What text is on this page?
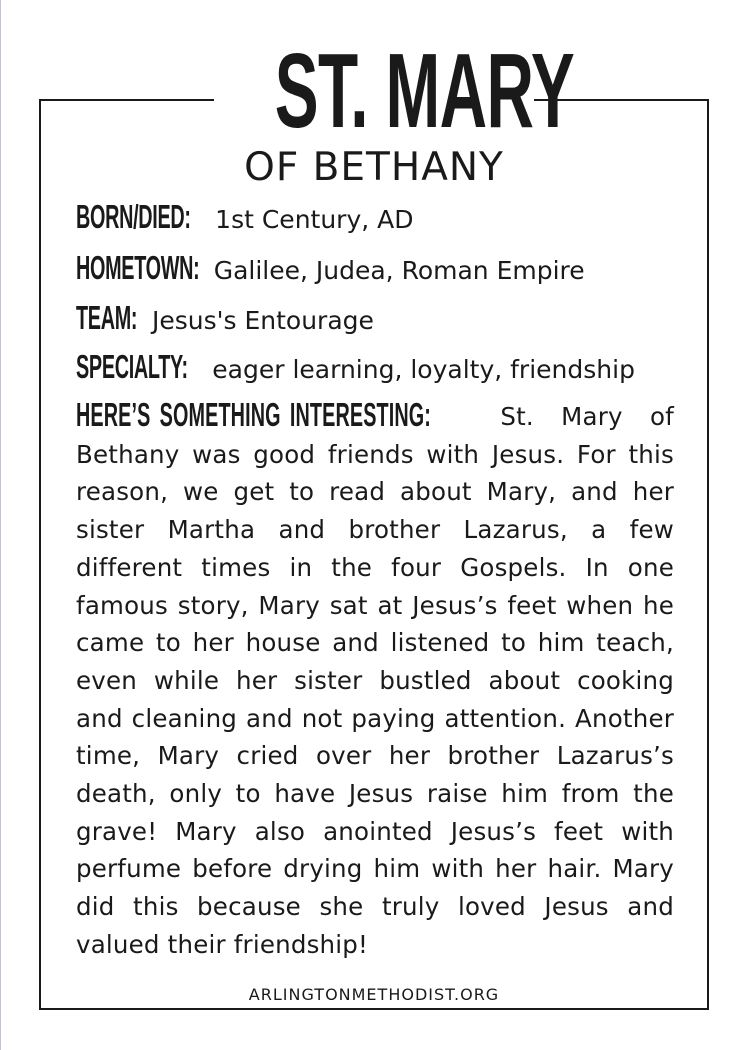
ST. MARY
OF BETHANY
BORN/DIED: 1st Century, AD
HOMETOWN: Galilee, Judea, Roman Empire
TEAM: Jesus's Entourage
SPECIALTY: eager learning, loyalty, friendship
HERE’S SOMETHING INTERESTING:	St. Mary of Bethany was good friends with Jesus. For this reason, we get to read about Mary, and her sister Martha and brother Lazarus, a few different times in the four Gospels. In one famous story, Mary sat at Jesus’s feet when he came to her house and listened to him teach, even while her sister bustled about cooking and cleaning and not paying attention. Another time, Mary cried over her brother Lazarus’s death, only to have Jesus raise him from the grave! Mary also anointed Jesus’s feet with perfume before drying him with her hair. Mary did this because she truly loved Jesus and valued their friendship!
ARLINGTONMETHODIST.ORG
